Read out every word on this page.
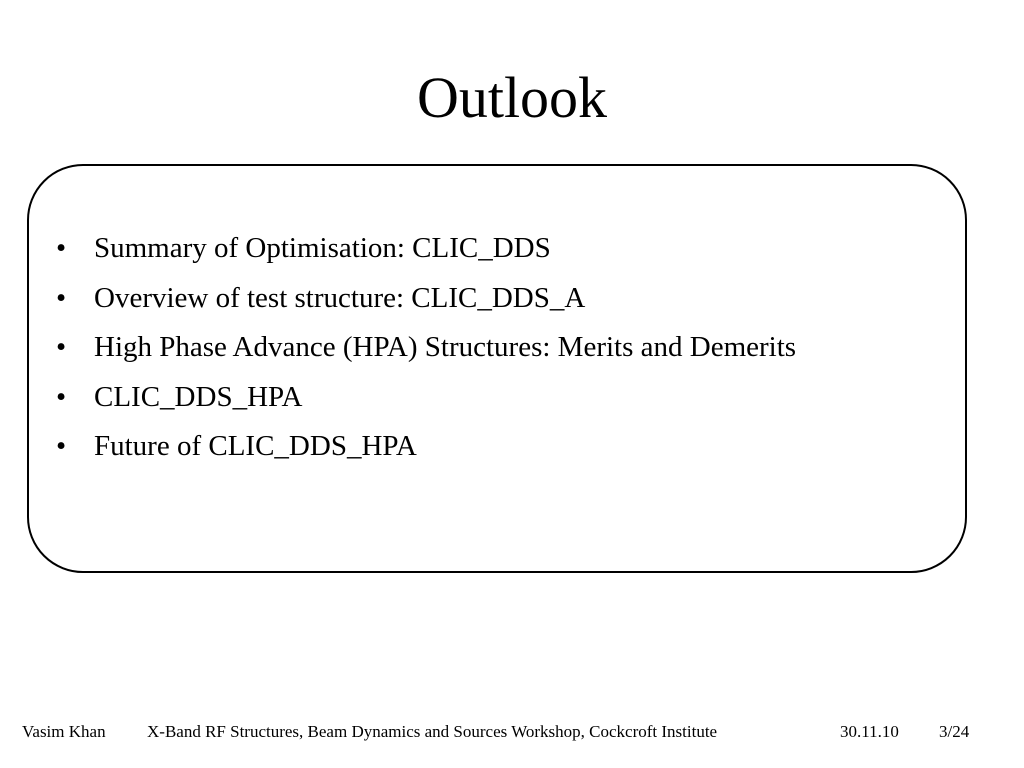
Outlook
• Summary of Optimisation: CLIC_DDS
• Overview of test structure: CLIC_DDS_A
• High Phase Advance (HPA) Structures: Merits and Demerits
• CLIC_DDS_HPA
• Future of CLIC_DDS_HPA
Vasim Khan X-Band RF Structures, Beam Dynamics and Sources Workshop, Cockcroft Institute	30.11.10 3/24
